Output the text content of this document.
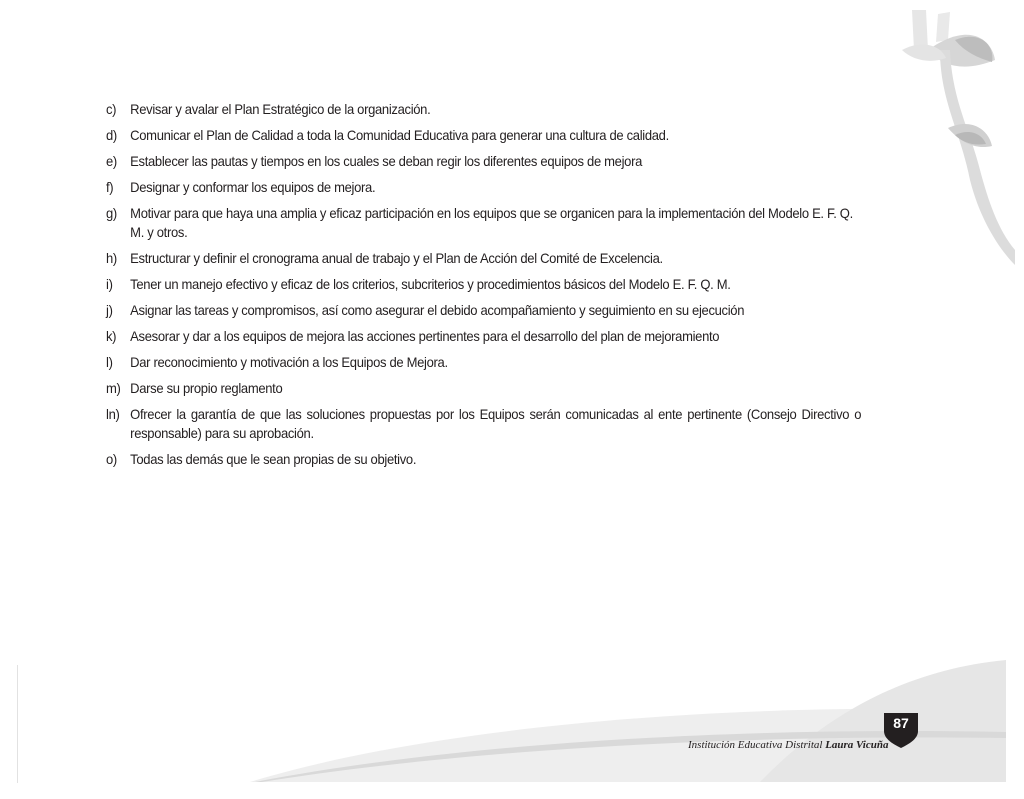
c) Revisar y avalar el Plan Estratégico de la organización.
d) Comunicar el Plan de Calidad a toda la Comunidad Educativa para generar una cultura de calidad.
e) Establecer las pautas y tiempos en los cuales se deban regir los diferentes equipos de mejora
f)	Designar y conformar los equipos de mejora.
g) Motivar para que haya una amplia y eficaz participación en los equipos que se organicen para la implementación del Modelo E. F. Q. M. y otros.
h) Estructurar y definir el cronograma anual de trabajo y el Plan de Acción del Comité de Excelencia.
i)	Tener un manejo efectivo y eficaz de los criterios, subcriterios y procedimientos básicos del Modelo E. F. Q. M.
j)	Asignar las tareas y compromisos, así como asegurar el debido acompañamiento y seguimiento en su ejecución
k) Asesorar y dar a los equipos de mejora las acciones pertinentes para el desarrollo del plan de mejoramiento
l)	Dar reconocimiento y motivación a los Equipos de Mejora.
m) Darse su propio reglamento
ln) Ofrecer la garantía de que las soluciones propuestas por los Equipos serán comunicadas al ente pertinente (Consejo Directivo o responsable) para su aprobación.
o) Todas las demás que le sean propias de su objetivo.
Institución Educativa Distrital Laura Vicuña
87
